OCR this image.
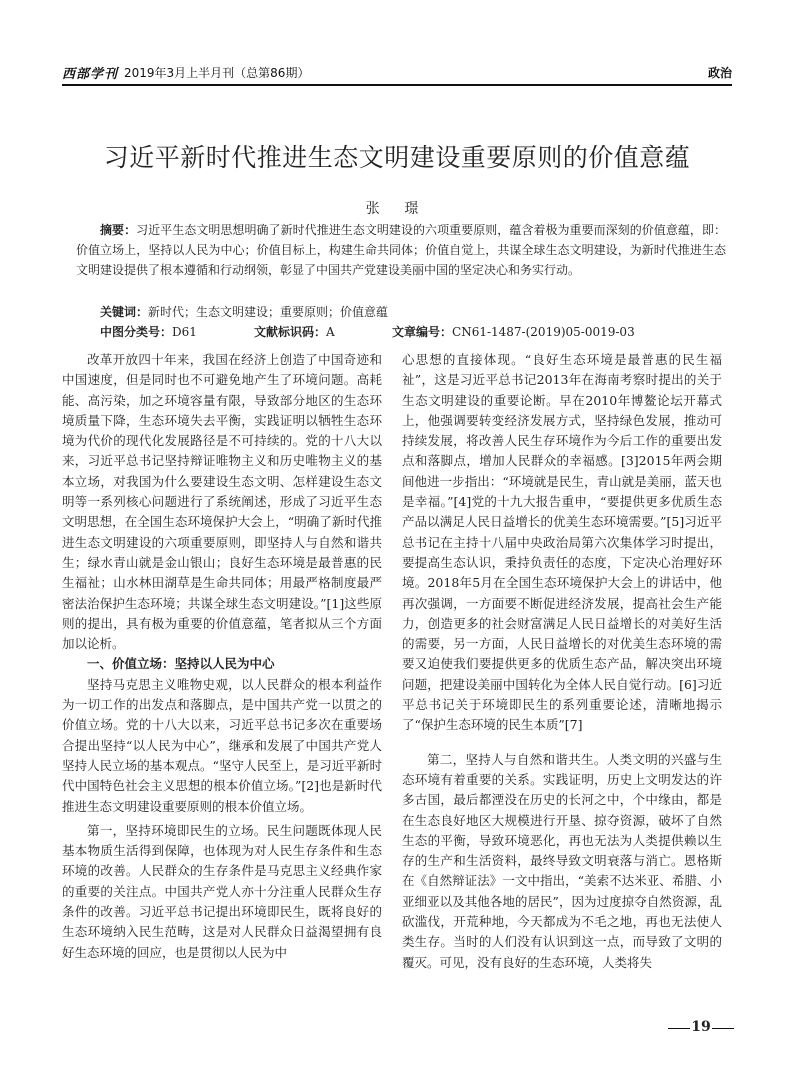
西部学刊 2019年3月上半月刊（总第86期）	政治
习近平新时代推进生态文明建设重要原则的价值意蕴
张 璟
摘要：习近平生态文明思想明确了新时代推进生态文明建设的六项重要原则，蕴含着极为重要而深刻的价值意蕴，即：价值立场上，坚持以人民为中心；价值目标上，构建生命共同体；价值自觉上，共谋全球生态文明建设，为新时代推进生态文明建设提供了根本遵循和行动纲领，彰显了中国共产党建设美丽中国的坚定决心和务实行动。
关键词：新时代；生态文明建设；重要原则；价值意蕴
中图分类号：D61	文献标识码：A	文章编号：CN61-1487-(2019)05-0019-03

改革开放四十年来，我国在经济上创造了中国奇迹和中国速度，但是同时也不可避免地产生了环境问题。高耗能、高污染，加之环境容量有限，导致部分地区的生态环境质量下降，生态环境失去平衡，实践证明以牺牲生态环境为代价的现代化发展路径是不可持续的。党的十八大以来，习近平总书记坚持辩证唯物主义和历史唯物主义的基本立场，对我国为什么要建设生态文明、怎样建设生态文明等一系列核心问题进行了系统阐述，形成了习近平生态文明思想，在全国生态环境保护大会上，“明确了新时代推进生态文明建设的六项重要原则，即坚持人与自然和谐共生；绿水青山就是金山银山；良好生态环境是最普惠的民生福祉；山水林田湖草是生命共同体；用最严格制度最严密法治保护生态环境；共谋全球生态文明建设。”[1]这些原则的提出，具有极为重要的价值意蕴，笔者拟从三个方面加以论析。

一、价值立场：坚持以人民为中心

坚持马克思主义唯物史观，以人民群众的根本利益作为一切工作的出发点和落脚点，是中国共产党一以贯之的价值立场。党的十八大以来，习近平总书记多次在重要场合提出坚持“以人民为中心”，继承和发展了中国共产党人坚持人民立场的基本观点。“坚守人民至上，是习近平新时代中国特色社会主义思想的根本价值立场。”[2]也是新时代推进生态文明建设重要原则的根本价值立场。

第一，坚持环境即民生的立场。民生问题既体现人民基本物质生活得到保障，也体现为对人民生存条件和生态环境的改善。人民群众的生存条件是马克思主义经典作家的重要的关注点。中国共产党人亦十分注重人民群众生存条件的改善。习近平总书记提出环境即民生，既将良好的生态环境纳入民生范畴，这是对人民群众日益渴望拥有良好生态环境的回应，也是贯彻以人民为中

心思想的直接体现。“良好生态环境是最普惠的民生福祉”，这是习近平总书记2013年在海南考察时提出的关于生态文明建设的重要论断。早在2010年博鳌论坛开幕式上，他强调要转变经济发展方式，坚持绿色发展，推动可持续发展，将改善人民生存环境作为今后工作的重要出发点和落脚点，增加人民群众的幸福感。[3]2015年两会期间他进一步指出：“环境就是民生，青山就是美丽，蓝天也是幸福。”[4]党的十九大报告重申，“要提供更多优质生态产品以满足人民日益增长的优美生态环境需要。”[5]习近平总书记在主持十八届中央政治局第六次集体学习时提出，要提高生态认识，秉持负责任的态度，下定决心治理好环境。2018年5月在全国生态环境保护大会上的讲话中，他再次强调，一方面要不断促进经济发展，提高社会生产能力，创造更多的社会财富满足人民日益增长的对美好生活的需要，另一方面，人民日益增长的对优美生态环境的需要又迫使我们要提供更多的优质生态产品，解决突出环境问题，把建设美丽中国转化为全体人民自觉行动。[6]习近平总书记关于环境即民生的系列重要论述，清晰地揭示了“保护生态环境的民生本质”[7]

第二，坚持人与自然和谐共生。人类文明的兴盛与生态环境有着重要的关系。实践证明，历史上文明发达的许多古国，最后都湮没在历史的长河之中，个中缘由，都是在生态良好地区大规模进行开垦、掠夺资源，破坏了自然生态的平衡，导致环境恶化，再也无法为人类提供赖以生存的生产和生活资料，最终导致文明衰落与消亡。恩格斯在《自然辩证法》一文中指出，“美索不达米亚、希腊、小亚细亚以及其他各地的居民”，因为过度掠夺自然资源，乱砍滥伐，开荒种地，今天都成为不毛之地，再也无法使人类生存。当时的人们没有认识到这一点，而导致了文明的覆灭。可见，没有良好的生态环境，人类将失

19
